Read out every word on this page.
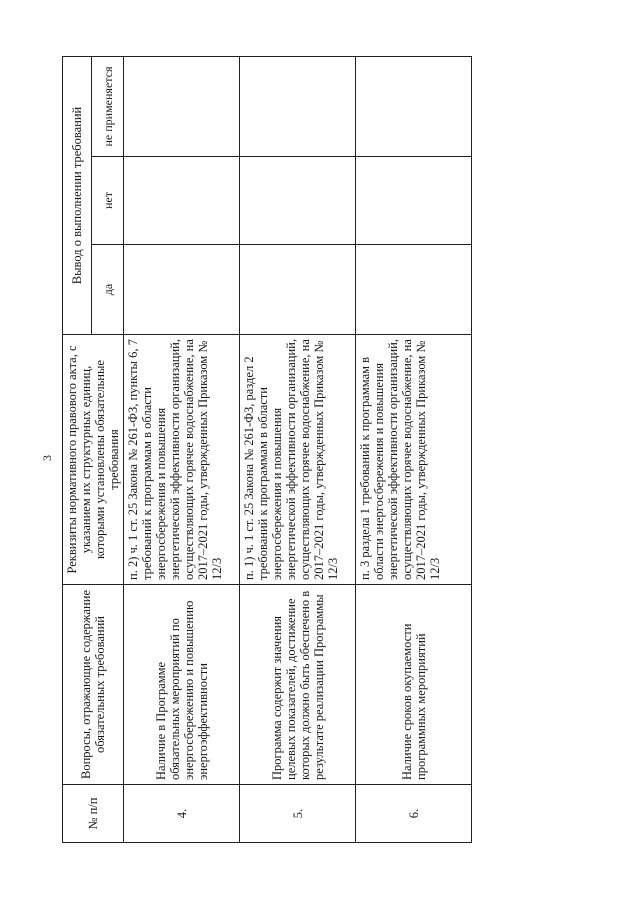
3
№ п/п	Вопросы, отражающие содержание обязательных требований	Реквизиты нормативного правового акта, с указанием их структурных единиц, которыми установлены обязательные требования	Вывод о выполнении требований		
			да	нет	не применяется
4.	Наличие в Программе обязательных мероприятий по энергосбережению и повышению энергоэффективности	п. 2) ч. 1 ст. 25 Закона № 261-ФЗ, пункты 6, 7 требований к программам в области энергосбережения и повышения энергетической эффективности организаций, осуществляющих горячее водоснабжение, на 2017–2021 годы, утвержденных Приказом № 12/3			
5.	Программа содержит значения целевых показателей, достижение которых должно быть обеспечено в результате реализации Программы	п. 1) ч. 1 ст. 25 Закона № 261-ФЗ, раздел 2 требований к программам в области энергосбережения и повышения энергетической эффективности организаций, осуществляющих горячее водоснабжение, на 2017–2021 годы, утвержденных Приказом № 12/3			
6.	Наличие сроков окупаемости программных мероприятий	п. 3 раздела 1 требований к программам в области энергосбережения и повышения энергетической эффективности организаций, осуществляющих горячее водоснабжение, на 2017–2021 годы, утвержденных Приказом № 12/3			
